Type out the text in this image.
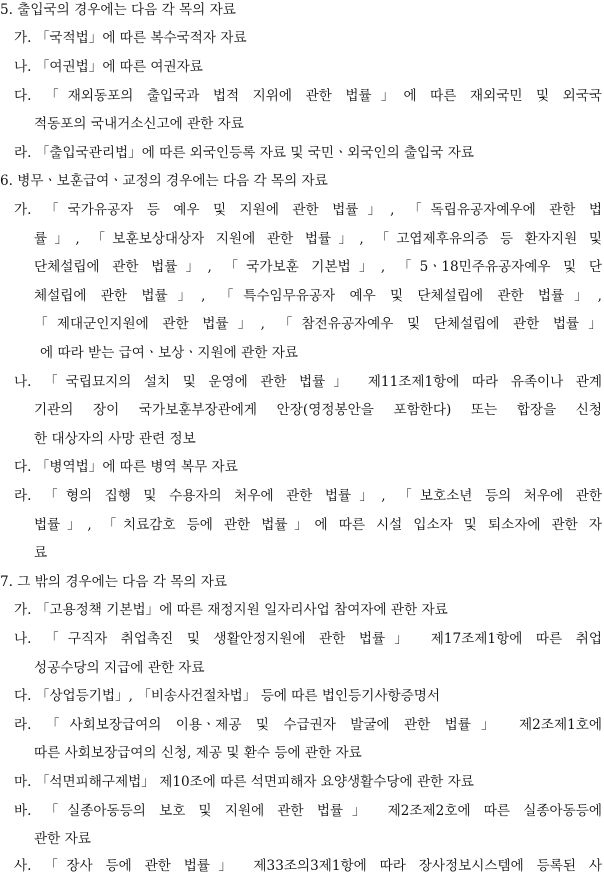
5. 출입국의 경우에는 다음 각 목의 자료
가. 「국적법」에 따른 복수국적자 자료
나. 「여권법」에 따른 여권자료
다. 「재외동포의 출입국과 법적 지위에 관한 법률」에 따른 재외국민 및 외국국
적동포의 국내거소신고에 관한 자료
라. 「출입국관리법」에 따른 외국인등록 자료 및 국민ㆍ외국인의 출입국 자료
6. 병무ㆍ보훈급여ㆍ교정의 경우에는 다음 각 목의 자료
가. 「국가유공자 등 예우 및 지원에 관한 법률」, 「독립유공자예우에 관한 법
률」, 「보훈보상대상자 지원에 관한 법률」, 「고엽제후유의증 등 환자지원 및
단체설립에 관한 법률」, 「국가보훈 기본법」, 「5ㆍ18민주유공자예우 및 단
체설립에 관한 법률」, 「특수임무유공자 예우 및 단체설립에 관한 법률」,
「제대군인지원에 관한 법률」, 「참전유공자예우 및 단체설립에 관한 법률」
에 따라 받는 급여ㆍ보상ㆍ지원에 관한 자료
나. 「국립묘지의 설치 및 운영에 관한 법률」 제11조제1항에 따라 유족이나 관계
기관의 장이 국가보훈부장관에게 안장(영정봉안을 포함한다) 또는 합장을 신청
한 대상자의 사망 관련 정보
다. 「병역법」에 따른 병역 복무 자료
라. 「형의 집행 및 수용자의 처우에 관한 법률」, 「보호소년 등의 처우에 관한
법률」, 「치료감호 등에 관한 법률」에 따른 시설 입소자 및 퇴소자에 관한 자
료
7. 그 밖의 경우에는 다음 각 목의 자료
가. 「고용정책 기본법」에 따른 재정지원 일자리사업 참여자에 관한 자료
나. 「구직자 취업촉진 및 생활안정지원에 관한 법률」 제17조제1항에 따른 취업
성공수당의 지급에 관한 자료
다. 「상업등기법」, 「비송사건절차법」 등에 따른 법인등기사항증명서
라. 「사회보장급여의 이용ㆍ제공 및 수급권자 발굴에 관한 법률」 제2조제1호에
따른 사회보장급여의 신청, 제공 및 환수 등에 관한 자료
마. 「석면피해구제법」 제10조에 따른 석면피해자 요양생활수당에 관한 자료
바. 「실종아동등의 보호 및 지원에 관한 법률」 제2조제2호에 따른 실종아동등에
관한 자료
사. 「장사 등에 관한 법률」 제33조의3제1항에 따라 장사정보시스템에 등록된 사
